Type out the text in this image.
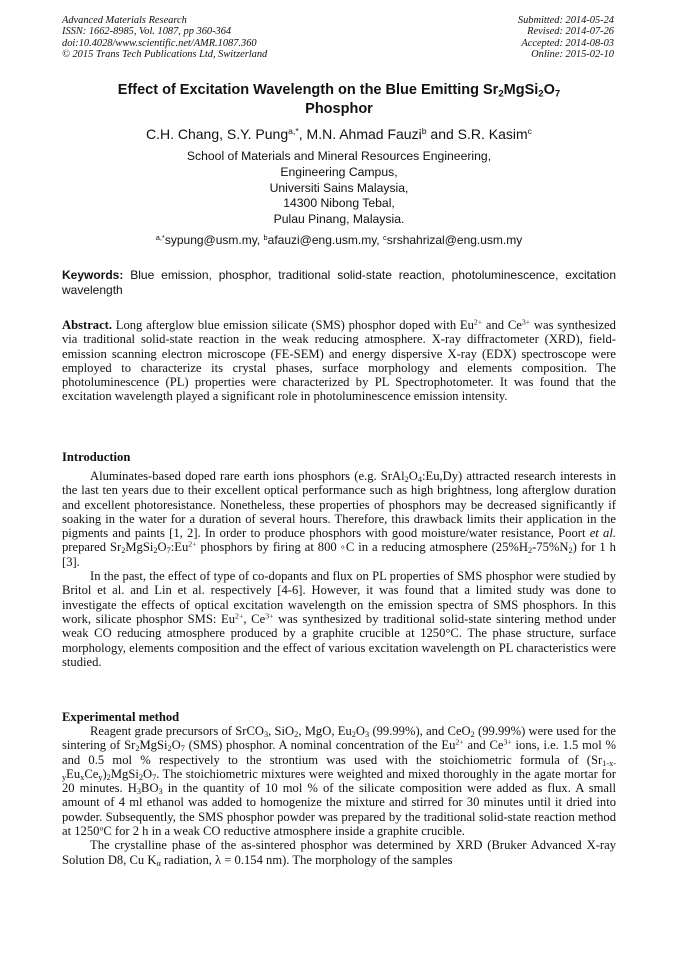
Advanced Materials Research
ISSN: 1662-8985, Vol. 1087, pp 360-364
doi:10.4028/www.scientific.net/AMR.1087.360
© 2015 Trans Tech Publications Ltd, Switzerland
Submitted: 2014-05-24
Revised: 2014-07-26
Accepted: 2014-08-03
Online: 2015-02-10
Effect of Excitation Wavelength on the Blue Emitting $Sr_2MgSi_2O_7$
Phosphor
C.H. Chang, S.Y. Pung$^{a,*}$, M.N. Ahmad Fauzi$^b$ and S.R. Kasim$^c$
School of Materials and Mineral Resources Engineering,
Engineering Campus,
Universiti Sains Malaysia,
14300 Nibong Tebal,
Pulau Pinang, Malaysia.
$^{a,*}$sypung@usm.my, $^b$afauzi@eng.usm.my, $^c$srshahrizal@eng.usm.my
Keywords: Blue emission, phosphor, traditional solid-state reaction, photoluminescence, excitation wavelength

Abstract. Long afterglow blue emission silicate (SMS) phosphor doped with $Eu^{2+}$ and $Ce^{3+}$ was synthesized via traditional solid-state reaction in the weak reducing atmosphere. X-ray diffractometer (XRD), field-emission scanning electron microscope (FE-SEM) and energy dispersive X-ray (EDX) spectroscope were employed to characterize its crystal phases, surface morphology and elements composition. The photoluminescence (PL) properties were characterized by PL Spectrophotometer. It was found that the excitation wavelength played a significant role in photoluminescence emission intensity.

Introduction

Aluminates-based doped rare earth ions phosphors (e.g. $SrAl_2O_4:Eu,Dy$) attracted research interests in the last ten years due to their excellent optical performance such as high brightness, long afterglow duration and excellent photoresistance. Nonetheless, these properties of phosphors may be decreased significantly if soaking in the water for a duration of several hours. Therefore, this drawback limits their application in the pigments and paints [1, 2]. In order to produce phosphors with good moisture/water resistance, Poort et al. prepared $Sr_2MgSi_2O_7:Eu^{2+}$ phosphors by firing at 800 ◦C in a reducing atmosphere $(25\%H_2-75\%N_2)$ for 1 h [3].

In the past, the effect of type of co-dopants and flux on PL properties of SMS phosphor were studied by Britol et al. and Lin et al. respectively [4-6]. However, it was found that a limited study was done to investigate the effects of optical excitation wavelength on the emission spectra of SMS phosphors. In this work, silicate phosphor SMS: $Eu^{2+}$, $Ce^{3+}$ was synthesized by traditional solid-state sintering method under weak CO reducing atmosphere produced by a graphite crucible at 1250°C. The phase structure, surface morphology, elements composition and the effect of various excitation wavelength on PL characteristics were studied.

Experimental method

Reagent grade precursors of SrCO$_3$, SiO$_2$, MgO, $Eu_2O_3$ (99.99%), and CeO$_2$ (99.99%) were used for the sintering of $Sr_2MgSi_2O_7$ (SMS) phosphor. A nominal concentration of the $Eu^{2+}$ and $Ce^{3+}$ ions, i.e. 1.5 mol % and 0.5 mol % respectively to the strontium was used with the stoichiometric formula of $(Sr_{1-x-y}Eu_xCe_y)_2MgSi_2O_7$. The stoichiometric mixtures were weighted and mixed thoroughly in the agate mortar for 20 minutes. $H_3BO_3$ in the quantity of 10 mol % of the silicate composition were added as flux. A small amount of 4 ml ethanol was added to homogenize the mixture and stirred for 30 minutes until it dried into powder. Subsequently, the SMS phosphor powder was prepared by the traditional solid-state reaction method at 1250$^o$C for 2 h in a weak CO reductive atmosphere inside a graphite crucible.

The crystalline phase of the as-sintered phosphor was determined by XRD (Bruker Advanced X-ray Solution D8, Cu $K_\alpha$ radiation, λ = 0.154 nm). The morphology of the samples
